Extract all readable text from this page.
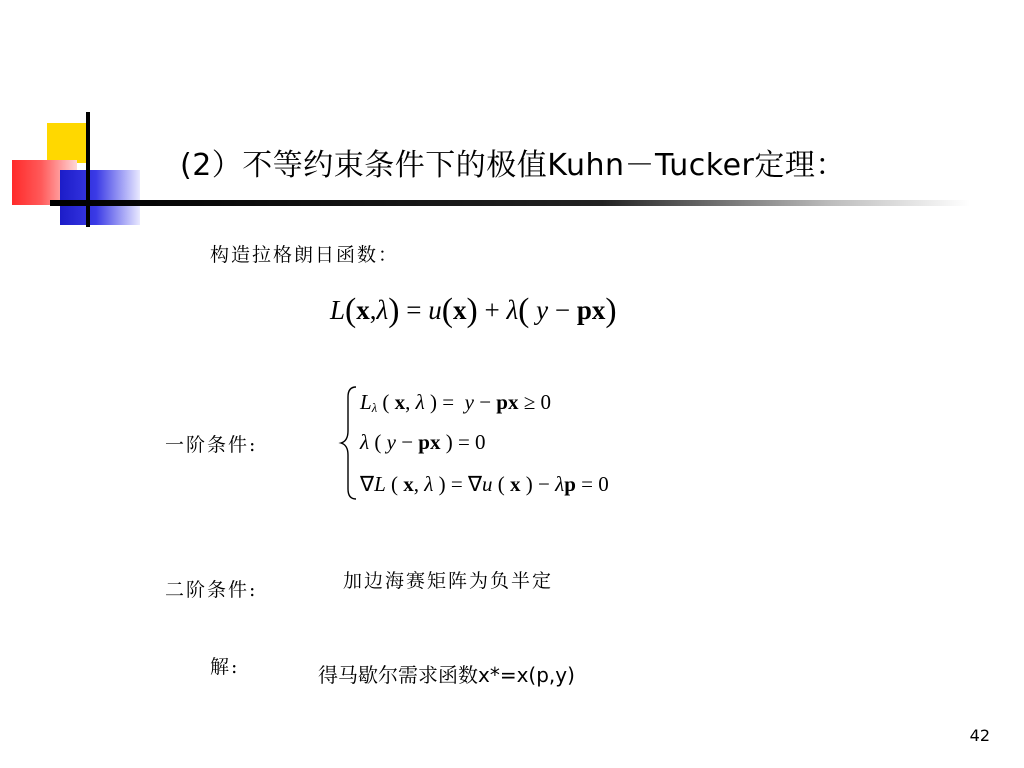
(2）不等约束条件下的极值Kuhn－Tucker定理：
构造拉格朗日函数：
L(x,λ) = u(x) + λ( y − px)
一阶条件:
$L_\lambda$ ( x, λ ) =  y − px ≥ 0
λ ( y − px ) = 0
∇L ( x, λ ) = ∇u ( x ) − λp = 0
加边海赛矩阵为负半定
二阶条件:
解:	得马歇尔需求函数x*=x(p,y)
42
